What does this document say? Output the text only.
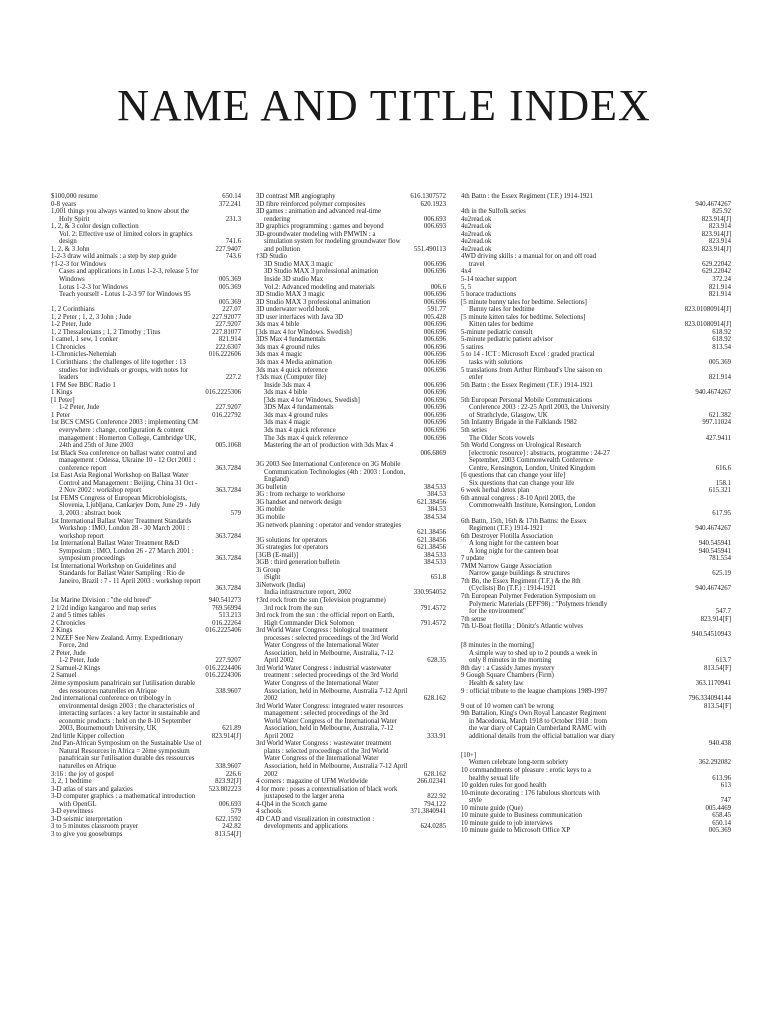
NAME AND TITLE INDEX
$100,000 resume	650.14
0-8 years	372.241
1,001 things you always wanted to know about the
Holy Spirit	231.3
1, 2, & 3 color design collection
Vol. 2: Effective use of limited colors in graphics
design	741.6
1, 2, & 3 John	227.9407
1-2-3 draw wild animals : a step by step guide	743.6
†1-2-3 for Windows
Cases and applications in Lotus 1-2-3, release 5 for
Windows	005.369
Lotus 1-2-3 for Windows	005.369
Teach yourself - Lotus 1-2-3 97 for Windows 95
005.369
1, 2 Corinthians	227.07
1, 2 Peter ; 1, 2, 3 John ; Jude	227.92077
1-2 Peter, Jude	227.9207
1, 2 Thessalonians ; 1, 2 Timothy ; Titus	227.81077
1 camel, 1 sew, 1 conker	821.914
1 Chronicles	222.6307
1-Chronicles-Nehemiah	016.222606
1 Corinthians : the challenges of life together : 13
studies for individuals or groups, with notes for
leaders	227.2
1 FM See BBC Radio 1
1 Kings	016.2225306
[1 Peter]
1-2 Peter, Jude	227.9207
1 Peter	016.22792
1st BCS CMSG Conference 2003 : implementing CM
everywhere : change, configuration & content
management : Homerton College, Cambridge UK,
24th and 25th of June 2003	005.1068
1st Black Sea conference on ballast water control and
management : Odessa, Ukraine 10 - 12 Oct 2001 :
conference report	363.7284
1st East Asia Regional Workshop on Ballast Water
Control and Management : Beijing, China 31 Oct -
2 Nov 2002 : workshop report	363.7284
1st FEMS Congress of European Microbiologists,
Slovenia, Ljubljana, Cankarjev Dom, June 29 - July
3, 2003 : abstract book	579
1st International Ballast Water Treatment Standards
Workshop : IMO, London 28 - 30 March 2001 :
workshop report	363.7284
1st International Ballast Water Treatment R&D
Symposium : IMO, London 26 - 27 March 2001 :
symposium proceedings	363.7284
1st International Workshop on Guidelines and
Standards for Ballast Water Sampling : Rio de
Janeiro, Brazil : 7 - 11 April 2003 : workshop report
363.7284
1st Marine Division : "the old breed"	940.541273
2 1/2d indigo kangaroo and map series	769.56994
2 and 5 times tables	513.213
2 Chronicles	016.22264
2 Kings	016.2225406
2 NZEF See New Zealand. Army. Expeditionary
Force, 2nd
2 Peter, Jude
1-2 Peter, Jude	227.9207
2 Samuel-2 Kings	016.2224406
2 Samuel	016.2224306
2ème symposium panafricain sur l'utilisation durable
des ressources naturelles en Afrique	338.9607
2nd international conference on tribology in
environmental design 2003 : the characteristics of
interacting surfaces : a key factor in sustainable and
economic products : held on the 8-10 September
2003, Bournemouth University, UK	621.89
2nd little Kipper collection	823.914[J]
2nd Pan-African Symposium on the Sustainable Use of
Natural Resources in Africa = 2ème symposium
panafricain sur l'utilisation durable des ressources
naturelles en Afrique	338.9607
3:16 : the joy of gospel	226.6
3, 2, 1 bedtime	823.92[J]
3-D atlas of stars and galaxies	523.802223
3-D computer graphics : a mathematical introduction
with OpenGL	006.693
3-D eyewitness	579
3-D seismic interpretation	622.1592
3 to 5 minutes classroom prayer	242.82
3 to give you goosebumps	813.54[J]
3D contrast MR angiography	616.1307572
3D fibre reinforced polymer composites	620.1923
3D games : animation and advanced real-time
rendering	006.693
3D graphics programming : games and beyond	006.693
3D-groundwater modeling with PMWIN : a
simulation system for modeling groundwater flow
and pollution	551.490113
†3D Studio
3D Studio MAX 3 magic	006.696
3D Studio MAX 3 professional animation	006.696
Inside 3D studio Max
Vol.2: Advanced modeling and materials	006.6
3D Studio MAX 3 magic	006.696
3D Studio MAX 3 professional animation	006.696
3D underwater world book	591.77
3D user interfaces with Java 3D	005.428
3ds max 4 bible	006.696
[3ds max 4 for Windows. Swedish]	006.696
3DS Max 4 fundamentals	006.696
3ds max 4 ground rules	006.696
3ds max 4 magic	006.696
3ds max 4 Media animation	006.696
3ds max 4 quick reference	006.696
†3ds max (Computer file)
Inside 3ds max 4	006.696
3ds max 4 bible	006.696
[3ds max 4 for Windows, Swedish]	006.696
3DS Max 4 fundamentals	006.696
3ds max 4 ground rules	006.696
3ds max 4 magic	006.696
3ds max 4 quick reference	006.696
The 3ds max 4 quick reference	006.696
Mastering the art of production with 3ds Max 4
006.6869
3G 2003 See International Conference on 3G Mobile
Communication Technologies (4th : 2003 : London,
England)
3G bulletin	384.533
3G : from recharge to workhorse	384.53
3G handset and network design	621.38456
3G mobile	384.53
3G mobile	384.534
3G network planning : operator and vendor strategies
621.38456
3G solutions for operators	621.38456
3G strategies for operators	621.38456
[3GB (E-mail)]	384.533
3GB : third generation bulletin	384.533
3i Group
iSight	651.8
3iNetwork (India)
India infrastructure report, 2002	330.954052
†3rd rock from the sun (Television programme)
3rd rock from the sun	791.4572
3rd rock from the sun : the official report on Earth,
High Commander Dick Solomon	791.4572
3rd World Water Congress : biological treatment
processes : selected proceedings of the 3rd World
Water Congress of the International Water
Association, held in Melbourne, Australia, 7-12
April 2002	628.35
3rd World Water Congress : industrial wastewater
treatment : selected proceedings of the 3rd World
Water Congress of the International Water
Association, held in Melbourne, Australia 7-12 April
2002	628.162
3rd World Water Congress: integrated water resources
management : selected proceedings of the 3rd
World Water Congress of the International Water
Association, held in Melbourne, Australia, 7-12
April 2002	333.91
3rd World Water Congress : wastewater treatment
plants : selected proceedings of the 3rd World
Water Congress of the International Water
Association, held in Melbourne, Australia 7-12 April
2002	628.162
4 corners : magazine of UFM Worldwide	266.02341
4 for more : poses a contextualisation of black work
juxtaposed to the larger arena	822.92
4-Qh4 in the Scotch game	794.122
4 schools	371.3840941
4D CAD and visualization in construction :
developments and applications	624.0285
4th Battn : the Essex Regiment (T.F.) 1914-1921
940.4674267
4th in the Suffolk series	825.92
4u2read.ok	823.914[J]
4u2read.ok	823.914
4u2read.ok	823.914[J]
4u2read.ok	823.914
4u2read.ok	823.914[J]
4WD driving skills : a manual for on and off road
travel	629.22042
4x4	629.22042
5-14 teacher support	372.24
5, 5	821.914
5 horace traductions	821.914
[5 minute bunny tales for bedtime. Selections]
Bunny tales for bedtime	823.01080914[J]
[5 minute kitten tales for bedtime. Selections]
Kitten tales for bedtime	823.01080914[J]
5-minute pediatric consult	618.92
5-minute pediatric patient advisor	618.92
5 satires	813.54
5 to 14 - ICT : Microsoft Excel : graded practical
tasks with solutions	005.369
5 translations from Arthur Rimbaud's Une saison en
enfer	821.914
5th Battn : the Essex Regiment (T.F.) 1914-1921
940.4674267
5th European Personal Mobile Communications
Conference 2003 : 22-25 April 2003, the University
of Strathclyde, Glasgow, UK	621.382
5th Infantry Brigade in the Falklands 1982	997.11024
5th series
The Older Scots vowels	427.9411
5th World Congress on Urological Research
[electronic resource] : abstracts, programme : 24-27
September, 2003 Commonwealth Conference
Centre, Kensington, London, United Kingdom	616.6
[6 questions that can change your life]
Six questions that can change your life	158.1
6 week herbal detox plan	615.321
6th annual congress : 8-10 April 2003, the
Commonwealth Institute, Kensington, London
617.95
6th Battn, 15th, 16th & 17th Battns: the Essex
Regiment (T.F.) 1914-1921	940.4674267
6th Destroyer Flotilla Association
A long night for the canteen boat	940.545941
A long night for the canteen boat	940.545941
7 update	781.554
7MM Narrow Gauge Association
Narrow gauge buildings & structures	625.19
7th Bn, the Essex Regiment (T.F.) & the 8th
(Cyclists) Bn (T.F.) : 1914-1921	940.4674267
7th European Polymer Federation Symposium on
Polymeric Materials (EPF'98) : "Polymers friendly
for the environment"	547.7
7th sense	823.914[F]
7th U-Boat flotilla : Dönitz's Atlantic wolves
940.54510943
[8 minutes in the morning]
A simple way to shed up to 2 pounds a week in
only 8 minutes in the morning	613.7
8th day : a Cassidy James mystery	813.54[F]
9 Gough Square Chambers (Firm)
Health & safety law	363.1170941
9 : official tribute to the league champions 1989-1997
796.334094144
9 out of 10 women can't be wrong	813.54[F]
9th Battalion, King's Own Royal Lancaster Regiment
in Macedonia, March 1918 to October 1918 : from
the war diary of Captain Cumberland RAMC with
additional details from the official battalion war diary
940.438
[10+]
Women celebrate long-term sobriety	362.292082
10 commandments of pleasure : erotic keys to a
healthy sexual life	613.96
10 golden rules for good health	613
10-minute decorating : 176 fabulous shortcuts with
style	747
10 minute guide (Que)	005.4469
10 minute guide to Business communication	658.45
10 minute guide to job interviews	650.14
10 minute guide to Microsoft Office XP	005.369
